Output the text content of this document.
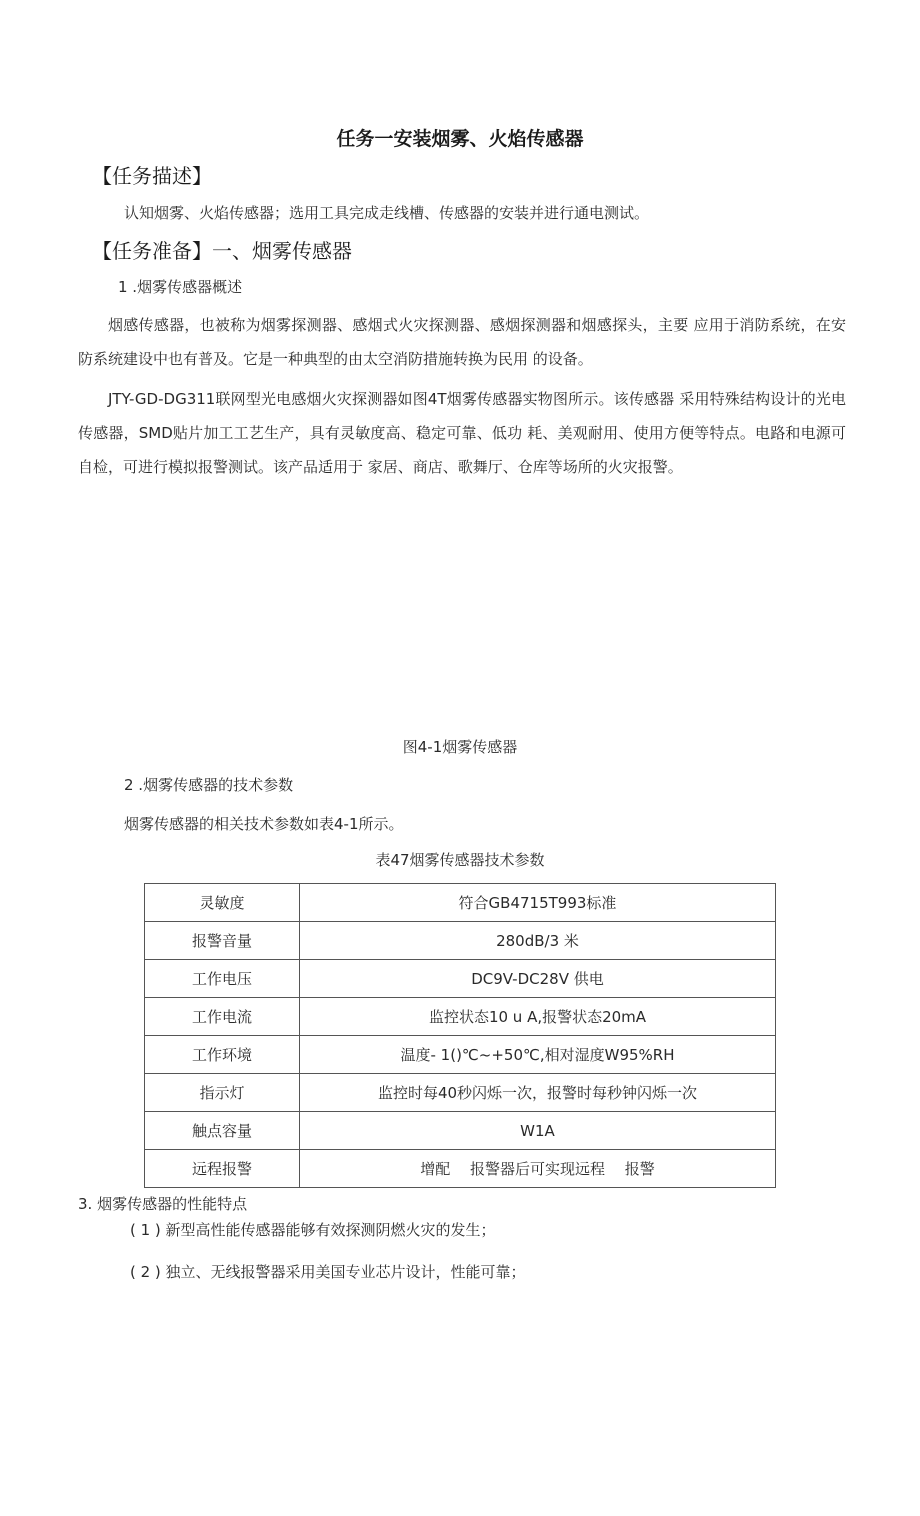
任务一安装烟雾、火焰传感器
【任务描述】
认知烟雾、火焰传感器；选用工具完成走线槽、传感器的安装并进行通电测试。
【任务准备】一、烟雾传感器
1 .烟雾传感器概述
烟感传感器，也被称为烟雾探测器、感烟式火灾探测器、感烟探测器和烟感探头，主要 应用于消防系统，在安防系统建设中也有普及。它是一种典型的由太空消防措施转换为民用 的设备。
JTY-GD-DG311联网型光电感烟火灾探测器如图4T烟雾传感器实物图所示。该传感器 采用特殊结构设计的光电传感器，SMD贴片加工工艺生产，具有灵敏度高、稳定可靠、低功 耗、美观耐用、使用方便等特点。电路和电源可自检，可进行模拟报警测试。该产品适用于 家居、商店、歌舞厅、仓库等场所的火灾报警。
图4-1烟雾传感器
2 .烟雾传感器的技术参数
烟雾传感器的相关技术参数如表4-1所示。
表47烟雾传感器技术参数
灵敏度	符合GB4715T993标准
报警音量	280dB/3 米
工作电压	DC9V-DC28V 供电
工作电流	监控状态10 u A,报警状态20mA
工作环境	温度- 1()℃~+50℃,相对湿度W95%RH
指示灯	监控时每40秒闪烁一次，报警时每秒钟闪烁一次
触点容量	W1A
远程报警	增配　 报警器后可实现远程　 报警
3. 烟雾传感器的性能特点
( 1 ) 新型高性能传感器能够有效探测阴燃火灾的发生；
( 2 ) 独立、无线报警器采用美国专业芯片设计，性能可靠；
